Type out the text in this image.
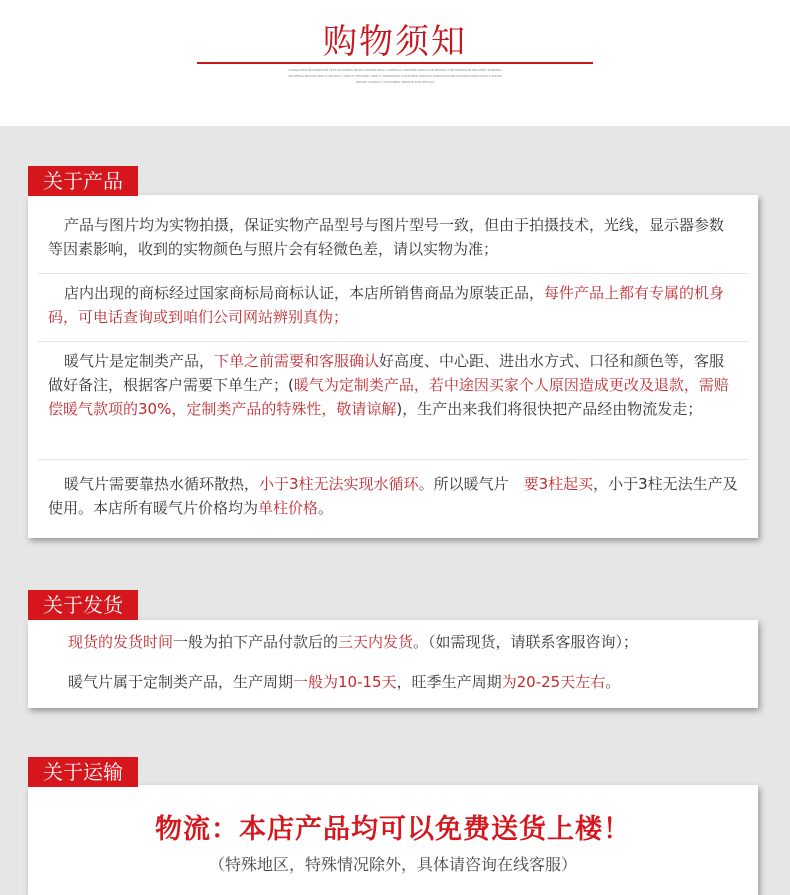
购物须知
CHARACTER DESCRIPTION TEXT SHOPPING NOTES PLEASE READ CAREFULLY BEFORE PURCHASE PRODUCT INFORMATION DELIVERY SHIPPING
SHOPPING NOTICE ABOUT PRODUCT ABOUT DELIVERY ABOUT TRANSPORT CUSTOMER SERVICE CONSULTATION INFORMATION DETAILS NOTES
PLEASE CONTACT CUSTOMER SERVICE FOR DETAILS
关于产品
产品与图片均为实物拍摄，保证实物产品型号与图片型号一致，但由于拍摄技术，光线，显示器参数等因素影响，收到的实物颜色与照片会有轻微色差，请以实物为准；
店内出现的商标经过国家商标局商标认证，本店所销售商品为原装正品，每件产品上都有专属的机身码，可电话查询或到咱们公司网站辨别真伪；
暖气片是定制类产品，下单之前需要和客服确认好高度、中心距、进出水方式、口径和颜色等，客服做好备注，根据客户需要下单生产；(暖气为定制类产品，若中途因买家个人原因造成更改及退款，需赔偿暖气款项的30%，定制类产品的特殊性，敬请谅解)，生产出来我们将很快把产品经由物流发走；
暖气片需要靠热水循环散热，小于3柱无法实现水循环。所以暖气片　要3柱起买，小于3柱无法生产及使用。本店所有暖气片价格均为单柱价格。
关于发货
现货的发货时间一般为拍下产品付款后的三天内发货。（如需现货，请联系客服咨询）；
暖气片属于定制类产品，生产周期一般为10-15天，旺季生产周期为20-25天左右。
关于运输
物流：本店产品均可以免费送货上楼！
（特殊地区，特殊情况除外，具体请咨询在线客服）
